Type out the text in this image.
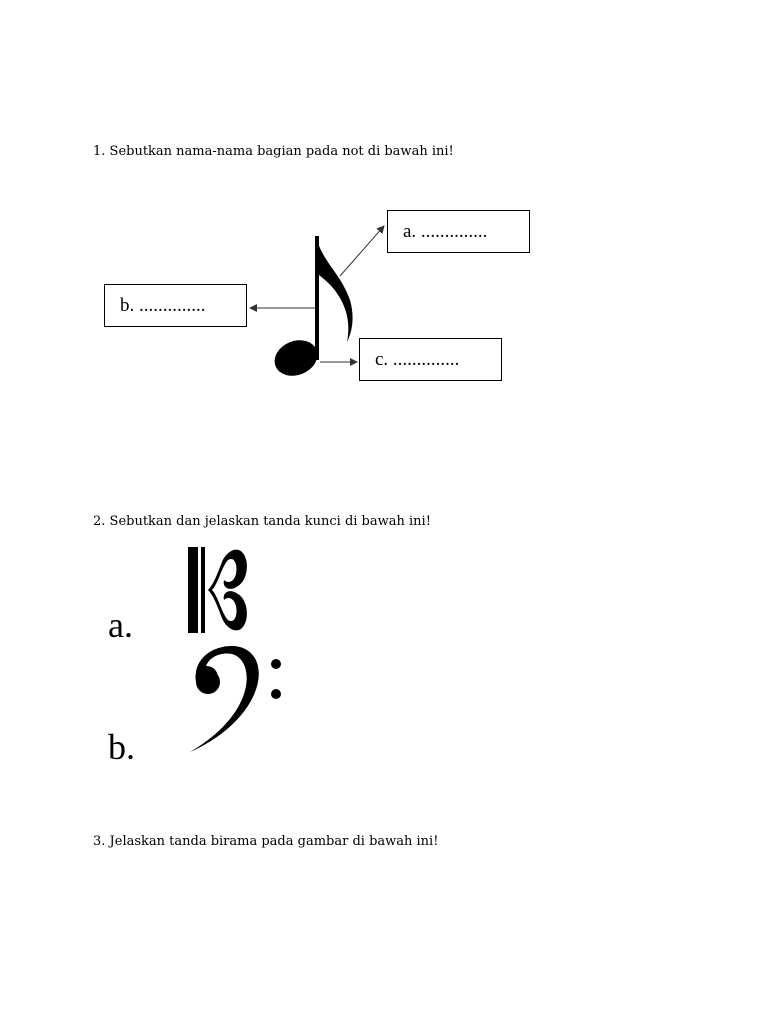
1. Sebutkan nama-nama bagian pada not di bawah ini!
a. ..............
b. ..............
c. ..............
2. Sebutkan dan jelaskan tanda kunci di bawah ini!
a.
b.
3. Jelaskan tanda birama pada gambar di bawah ini!
